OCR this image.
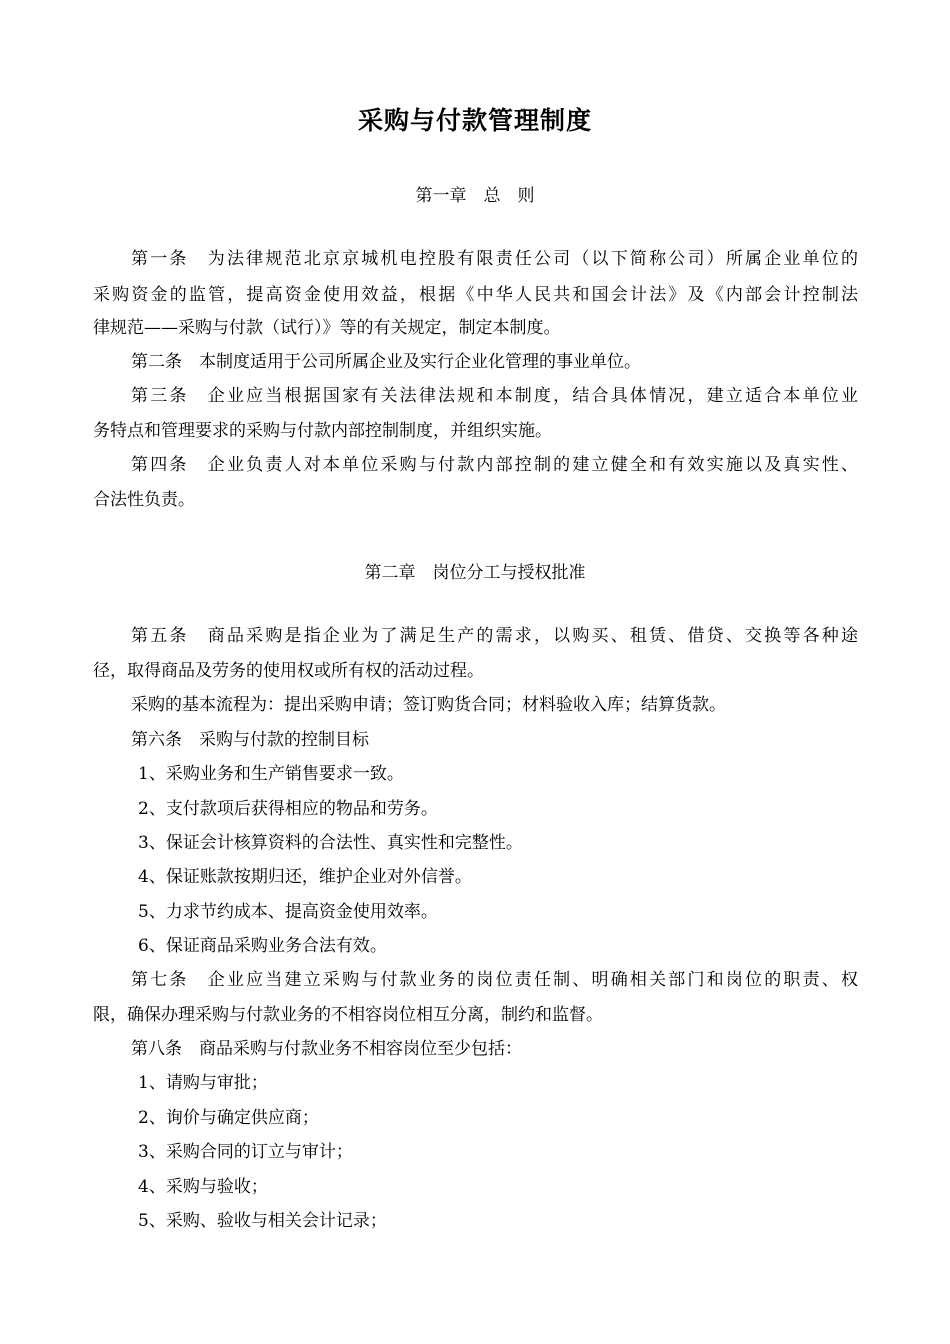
采购与付款管理制度
第一章　总　则
第一条　为法律规范北京京城机电控股有限责任公司（以下简称公司）所属企业单位的
采购资金的监管，提高资金使用效益，根据《中华人民共和国会计法》及《内部会计控制法
律规范——采购与付款（试行）》等的有关规定，制定本制度。
第二条　本制度适用于公司所属企业及实行企业化管理的事业单位。
第三条　企业应当根据国家有关法律法规和本制度，结合具体情况，建立适合本单位业
务特点和管理要求的采购与付款内部控制制度，并组织实施。
第四条　企业负责人对本单位采购与付款内部控制的建立健全和有效实施以及真实性、
合法性负责。
第二章　岗位分工与授权批准
第五条　商品采购是指企业为了满足生产的需求，以购买、租赁、借贷、交换等各种途
径，取得商品及劳务的使用权或所有权的活动过程。
采购的基本流程为：提出采购申请；签订购货合同；材料验收入库；结算货款。
第六条　采购与付款的控制目标
1、采购业务和生产销售要求一致。
2、支付款项后获得相应的物品和劳务。
3、保证会计核算资料的合法性、真实性和完整性。
4、保证账款按期归还，维护企业对外信誉。
5、力求节约成本、提高资金使用效率。
6、保证商品采购业务合法有效。
第七条　企业应当建立采购与付款业务的岗位责任制、明确相关部门和岗位的职责、权
限，确保办理采购与付款业务的不相容岗位相互分离，制约和监督。
第八条　商品采购与付款业务不相容岗位至少包括：
1、请购与审批；
2、询价与确定供应商；
3、采购合同的订立与审计；
4、采购与验收；
5、采购、验收与相关会计记录；
